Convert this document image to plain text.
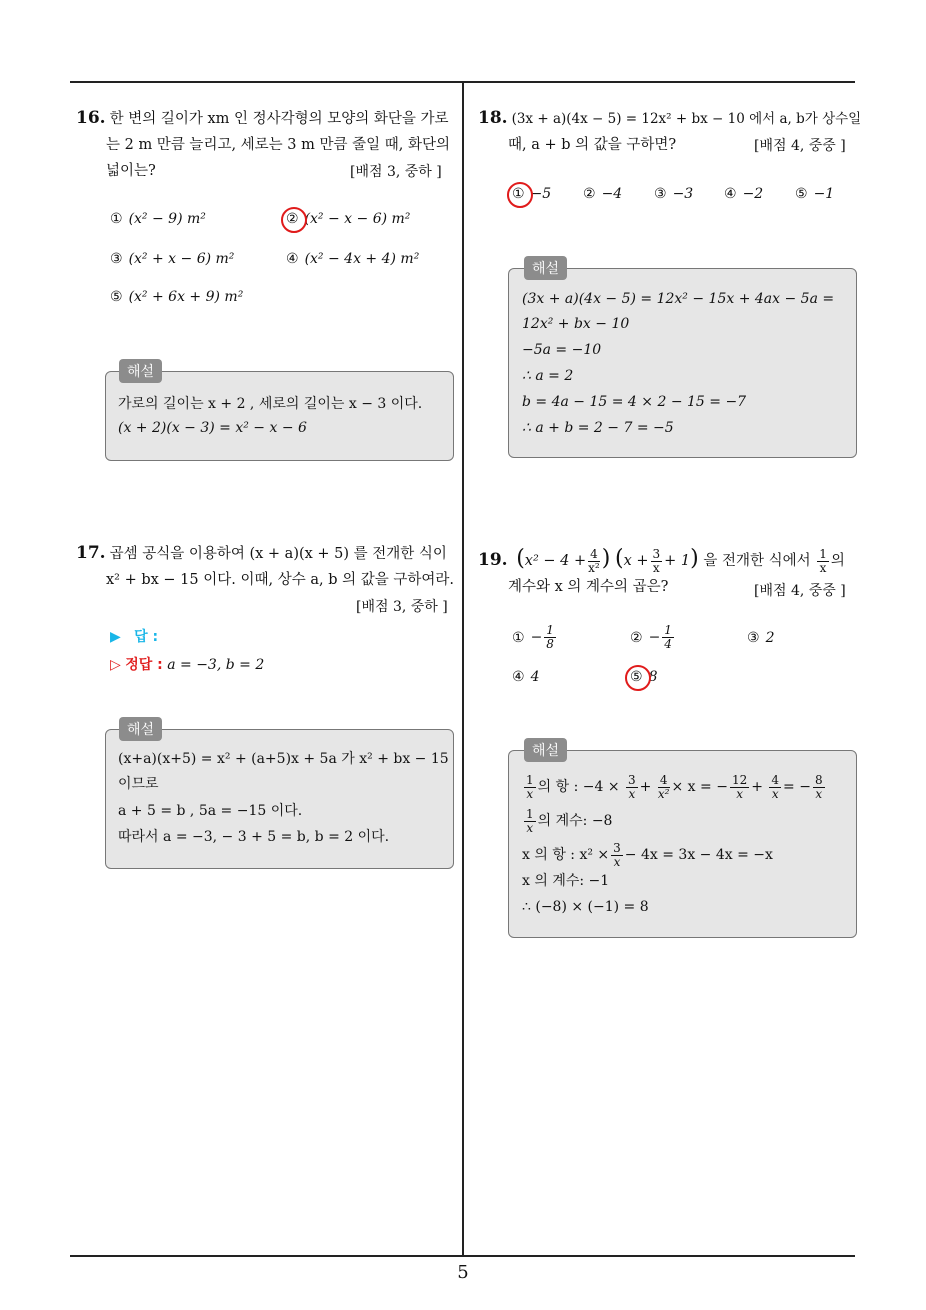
16. 한 변의 길이가 xm 인 정사각형의 모양의 화단을 가로
는 2 m 만큼 늘리고, 세로는 3 m 만큼 줄일 때, 화단의
넓이는?	[배점 3, 중하 ]
① (x² − 9) m²	② (x² − x − 6) m²
③ (x² + x − 6) m²	④ (x² − 4x + 4) m²
⑤ (x² + 6x + 9) m²
해설
가로의 길이는 x + 2 , 세로의 길이는 x − 3 이다.
(x + 2)(x − 3) = x² − x − 6
17. 곱셈 공식을 이용하여 (x + a)(x + 5) 를 전개한 식이
x² + bx − 15 이다. 이때, 상수 a, b 의 값을 구하여라.
[배점 3, 중하 ]
▶ 답 :
▷ 정답 : a = −3, b = 2
해설
(x+a)(x+5) = x² + (a+5)x + 5a 가 x² + bx − 15
이므로
a + 5 = b , 5a = −15 이다.
따라서 a = −3, − 3 + 5 = b, b = 2 이다.
18. (3x + a)(4x − 5) = 12x² + bx − 10 에서 a, b가 상수일
때, a + b 의 값을 구하면?	[배점 4, 중중 ]
① −5 ② −4 ③ −3 ④ −2 ⑤ −1
해설
(3x + a)(4x − 5) = 12x² − 15x + 4ax − 5a =
12x² + bx − 10
−5a = −10
∴ a = 2
b = 4a − 15 = 4 × 2 − 15 = −7
∴ a + b = 2 − 7 = −5
19. ($x^2 - 4 + \frac{4}{\text{x²}}$ ) $(x + \frac{3}{x} + 1)$ 을 전개한 식에서 $\frac{1}{x}$ 의
계수와 x 의 계수의 곱은?	[배점 4, 중중 ]
① − $\frac{1}{8}$	② − $\frac{1}{4}$	③ 2
④ 4	⑤ 8
해설
$\frac{1}{x}$ 의 항 : $-4 \times \frac{3}{x} + \frac{4}{\text{x²}} \times x$ = − $\frac{12}{x} + \frac{4}{x}$ = − $\frac{8}{x}$
$\frac{1}{x}$ 의 계수: −8
x 의 항 : $x^2 \times \frac{3}{x} - 4x = 3x - 4x = -x$
x 의 계수: −1
∴ (−8) × (−1) = 8
5
